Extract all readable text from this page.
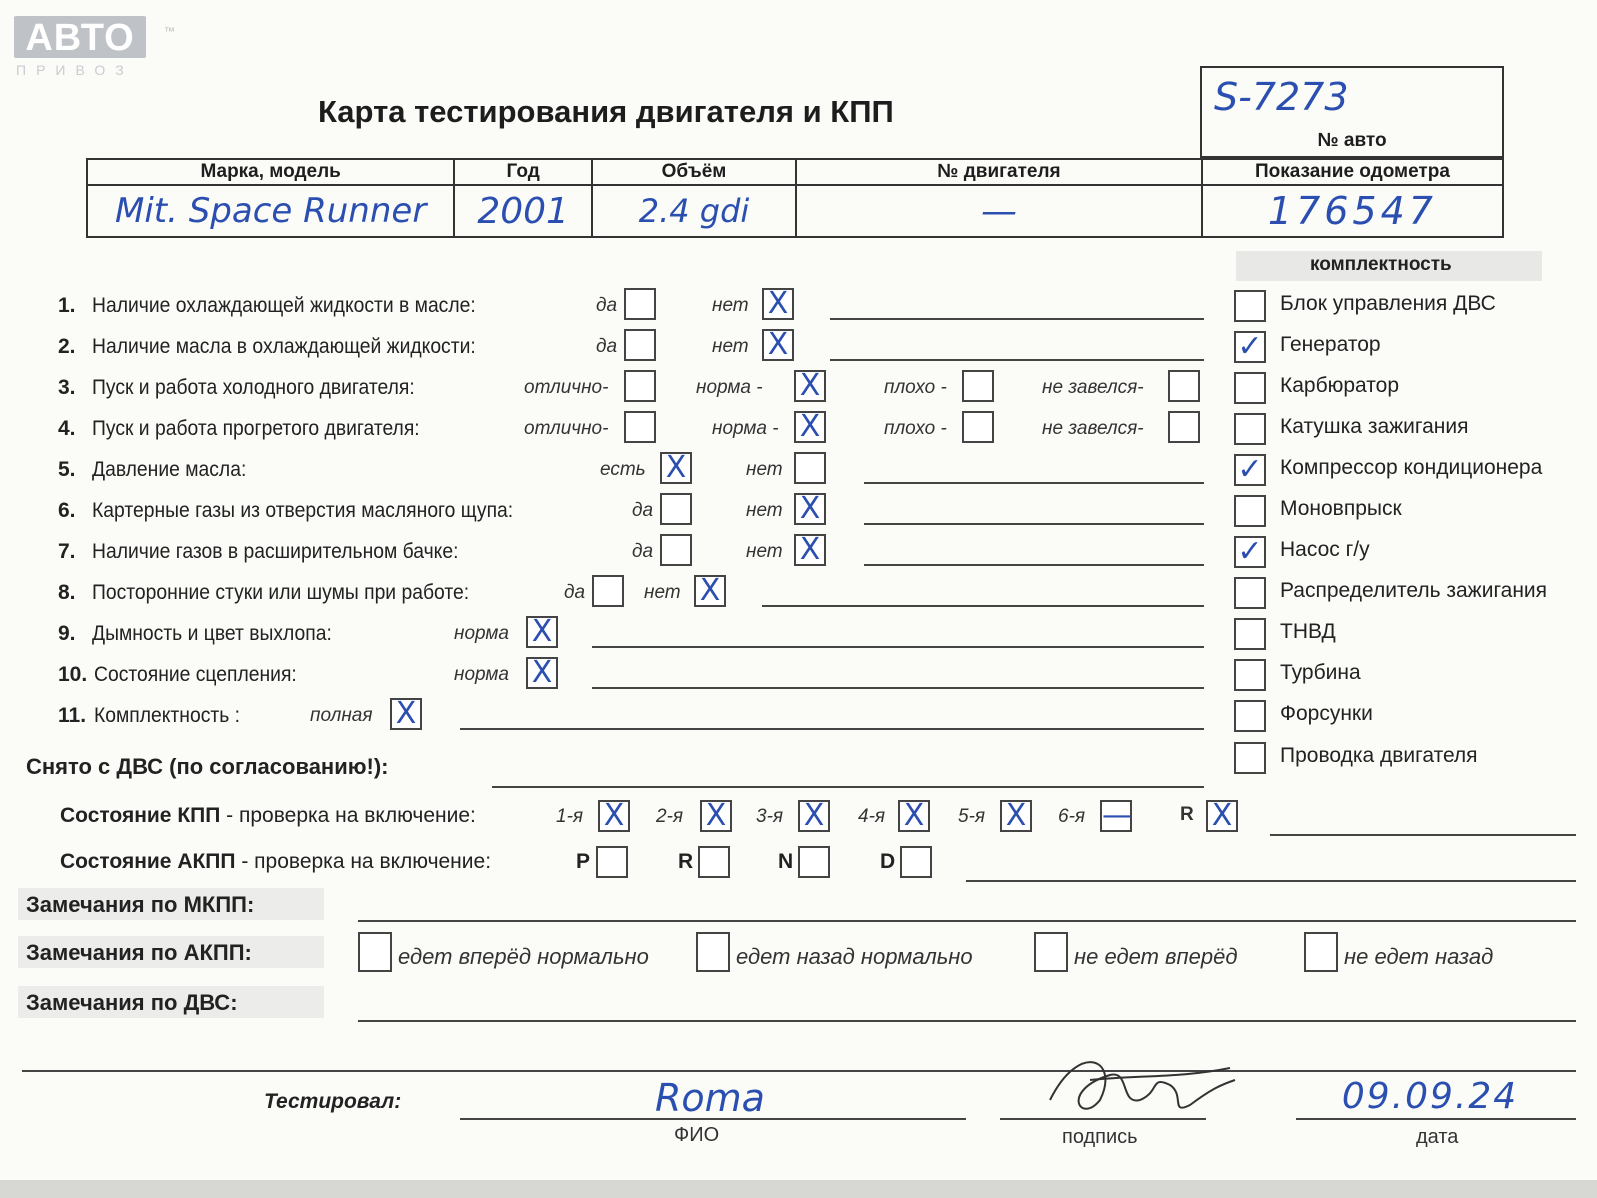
АВТО
ПРИВОЗ
™
Карта тестирования двигателя и КПП	S-7273

№ авто
Марка, модель	Год	Объём	№ двигателя	Показание одометра
Mit. Space Runner	2001	2.4 gdi	—	176547
комплектность
Блок управления ДВС
✓ Генератор
Карбюратор
Катушка зажигания
✓ Компрессор кондиционера
Моновпрыск
✓ Насос г/у
Распределитель зажигания
ТНВД
Турбина
Форсунки
Проводка двигателя
1. Наличие охлаждающей жидкости в масле:	да	нет X
2. Наличие масла в охлаждающей жидкости:	да	нет X
3. Пуск и работа холодного двигателя:	отлично-	норма - X	плохо -	не завелся-
4. Пуск и работа прогретого двигателя:	отлично-	норма - X	плохо -	не завелся-
5. Давление масла:	есть X	нет
6. Картерные газы из отверстия масляного щупа:	да	нет X
7. Наличие газов в расширительном бачке:	да	нет X
8. Посторонние стуки или шумы при работе:	да	нет X
9. Дымность и цвет выхлопа:	норма X
10. Состояние сцепления:	норма X
11. Комплектность :	полная X
Снято с ДВС (по согласованию!):
Состояние КПП - проверка на включение:	1-я X	2-я X	3-я X	4-я X	5-я X	6-я —	R X
Состояние АКПП - проверка на включение:	P	R	N	D
Замечания по МКПП:
Замечания по АКПП:	едет вперёд нормально	едет назад нормально	не едет вперёд	не едет назад
Замечания по ДВС:
Тестировал:	Roma
ФИО	подпись
09.09.24
дата
